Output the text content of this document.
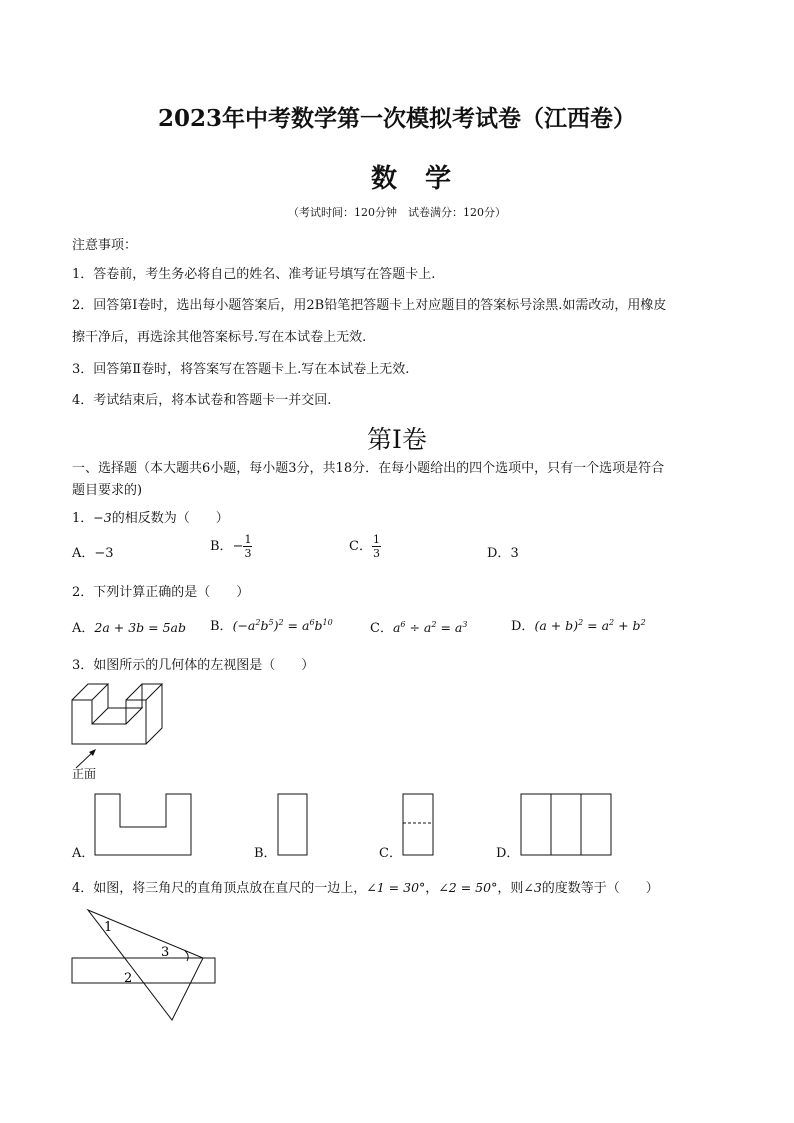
2023年中考数学第一次模拟考试卷（江西卷）
数学
（考试时间：120分钟　试卷满分：120分）
注意事项：
1．答卷前，考生务必将自己的姓名、准考证号填写在答题卡上.
2．回答第Ⅰ卷时，选出每小题答案后，用2B铅笔把答题卡上对应题目的答案标号涂黑.如需改动，用橡皮
擦干净后，再选涂其他答案标号.写在本试卷上无效.
3．回答第Ⅱ卷时，将答案写在答题卡上.写在本试卷上无效.
4．考试结束后，将本试卷和答题卡一并交回.
第Ⅰ卷
一、选择题（本大题共6小题，每小题3分，共18分．在每小题给出的四个选项中，只有一个选项是符合
题目要求的)
1．−3的相反数为（　　）
A．−3	B．− $\frac{1}{3}$	C． $\frac{1}{3}$	D．3
2．下列计算正确的是（　　）
A．2a + 3b = 5ab B．$(-a^2b^5)^2 = a^6b^{10}$	C．$a^6 \div a^2 = a^3$	D．$(a + b)^2 = a^2 + b^2$
3．如图所示的几何体的左视图是（　　）
正面
A．	B．	C．	D．
4．如图，将三角尺的直角顶点放在直尺的一边上，∠1 = 30°，∠2 = 50°，则∠3的度数等于（　　）
1
2
3
